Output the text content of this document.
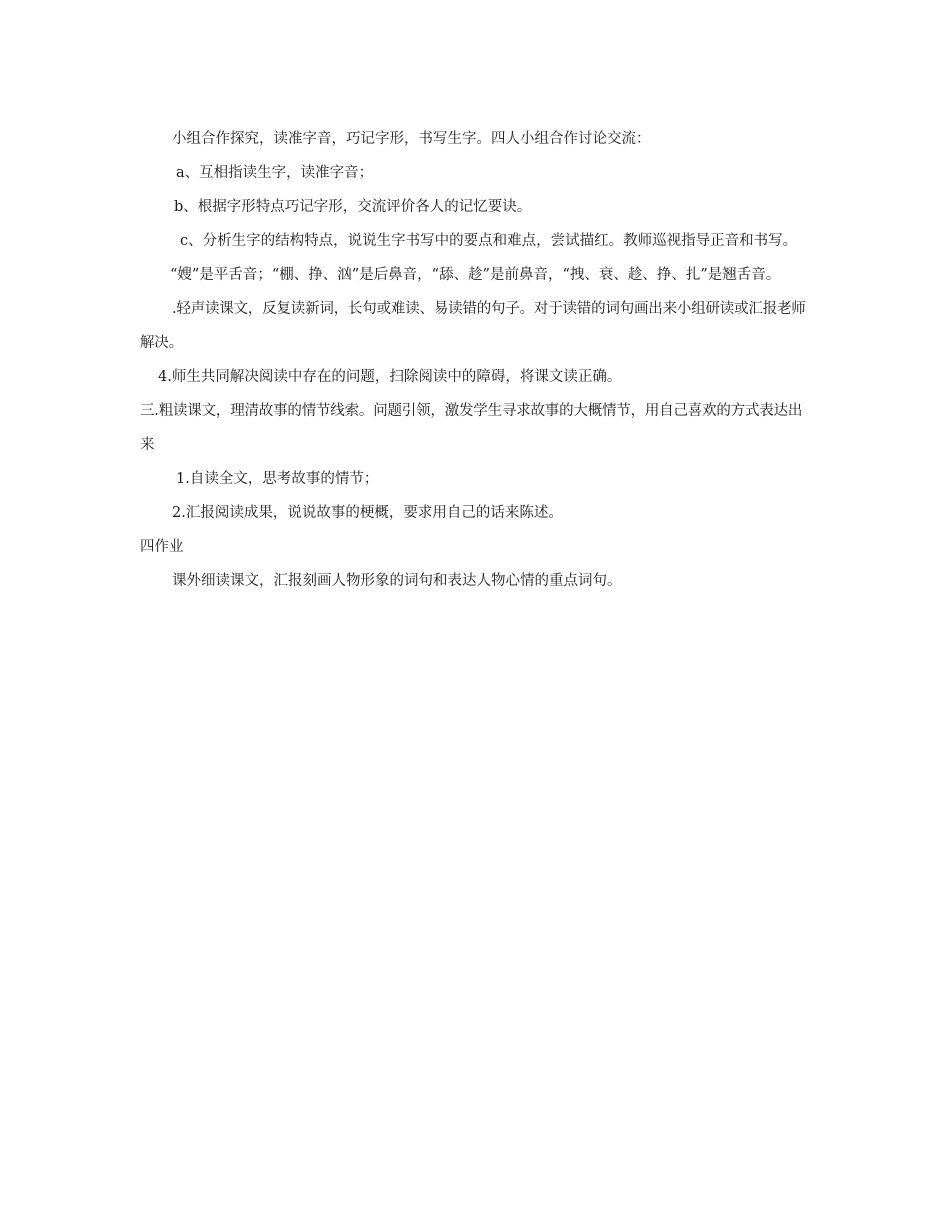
小组合作探究，读准字音，巧记字形，书写生字。四人小组合作讨论交流：

a、互相指读生字，读准字音；

b、根据字形特点巧记字形，交流评价各人的记忆要诀。

c、分析生字的结构特点，说说生字书写中的要点和难点，尝试描红。教师巡视指导正音和书写。

“嫂”是平舌音；“棚、挣、汹”是后鼻音，“舔、趁”是前鼻音，“拽、衰、趁、挣、扎”是翘舌音。

.轻声读课文，反复读新词，长句或难读、易读错的句子。对于读错的词句画出来小组研读或汇报老师解决。

4.师生共同解决阅读中存在的问题，扫除阅读中的障碍，将课文读正确。

三.粗读课文，理清故事的情节线索。问题引领，激发学生寻求故事的大概情节，用自己喜欢的方式表达出来

1.自读全文，思考故事的情节；

2.汇报阅读成果，说说故事的梗概，要求用自己的话来陈述。

四作业

课外细读课文，汇报刻画人物形象的词句和表达人物心情的重点词句。
